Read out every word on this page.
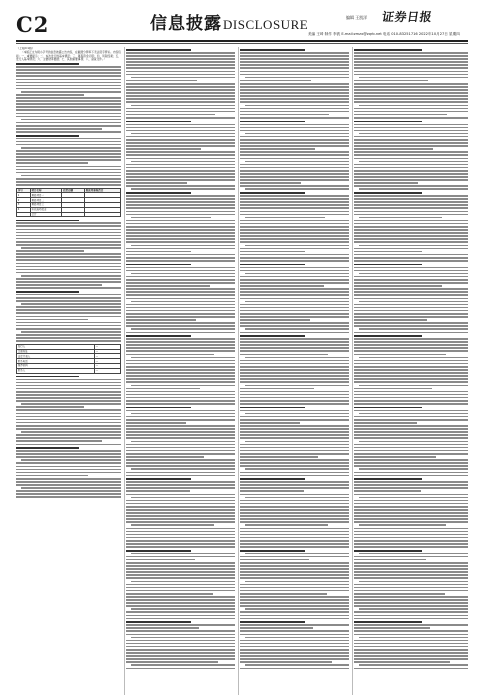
C2	信息披露 DISCLOSURE	编辑 王凯洋 证券日报
美编 王琦 制作 李波 E-mail:zmzx@zqrb.net 电话 010-83251716 2022年10月27日 星期四
（上接C1版）

（本版正文为极小字号的信息披露公告内容，在截图分辨率下无法逐字辨识。内容包括：一、重要提示；二、本次发行的基本情况；三、募集资金运用；四、风险因素；五、发行人基本情况；六、主要财务数据；七、其他重要事项；八、备查文件。）

序号	项目名称	投资总额	拟使用募集资金
1	募投项目一		
2	募投项目二		
3	募投项目三		
4	补充流动资金		
	合计		
发行人	—
注册地址	—
法定代表人	—
联系电话	—
保荐机构	—
联系人	—
